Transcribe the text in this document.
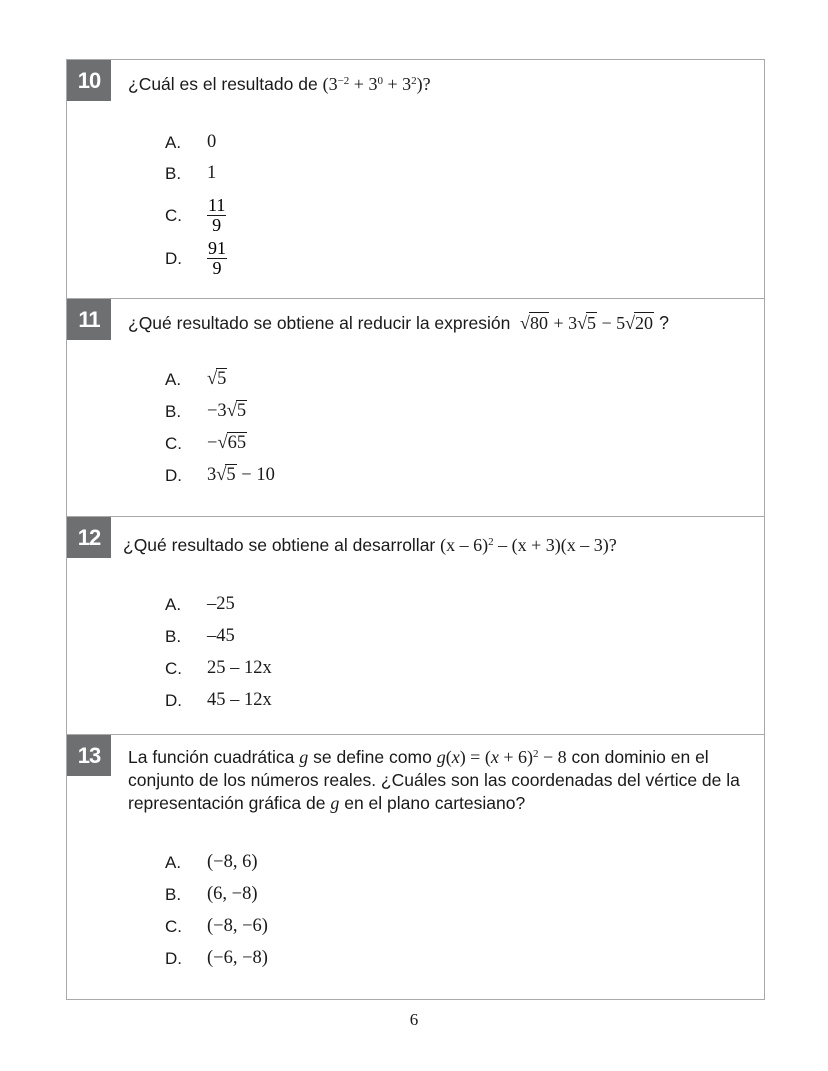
10	¿Cuál es el resultado de $(3^{-2} + 3^0 + 3^2)$?
A.	0
B.	1
C.	$\frac{11}{9}$
D.	$\frac{91}{9}$
11	¿Qué resultado se obtiene al reducir la expresión √80 + 3√5 − 5√20 ?
A.	√5
B.	−3√5
C.	−√65
D.	3√5 − 10
12	¿Qué resultado se obtiene al desarrollar (x – 6)$^2$ – (x + 3)(x – 3)?
A.	–25
B.	–45
C.	25 – 12x
D.	45 – 12x
13	La función cuadrática g se define como $g(x) = (x + 6)^2 - 8$ con dominio en el conjunto de los números reales. ¿Cuáles son las coordenadas del vértice de la representación gráfica de g en el plano cartesiano?
A.	(−8, 6)
B.	(6, −8)
C.	(−8, −6)
D.	(−6, −8)
6
